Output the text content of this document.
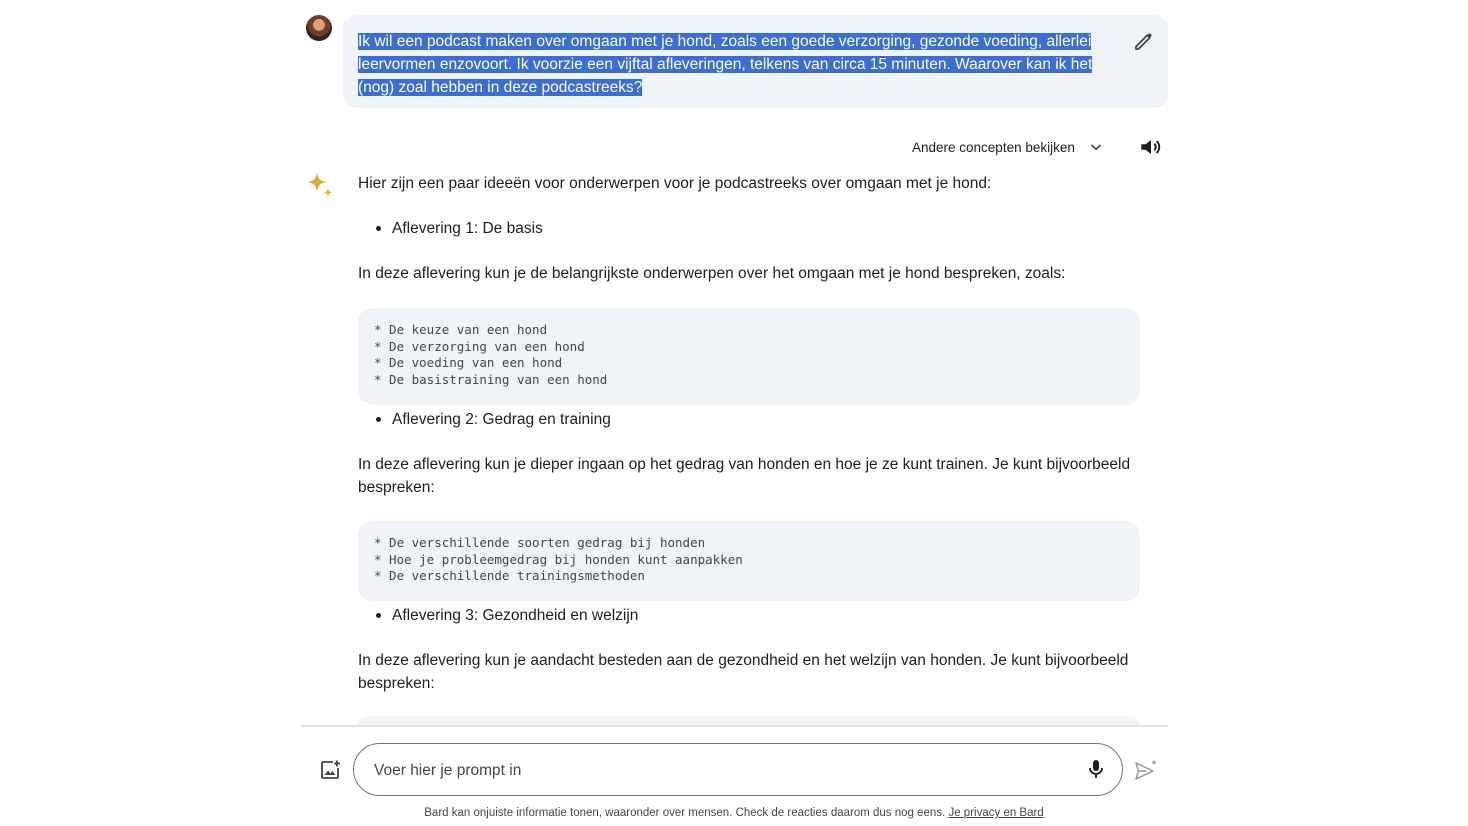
Ik wil een podcast maken over omgaan met je hond, zoals een goede verzorging, gezonde voeding, allerlei leervormen enzovoort. Ik voorzie een vijftal afleveringen, telkens van circa 15 minuten. Waarover kan ik het (nog) zoal hebben in deze podcastreeks?
Andere concepten bekijken
Hier zijn een paar ideeën voor onderwerpen voor je podcastreeks over omgaan met je hond:
Aflevering 1: De basis
In deze aflevering kun je de belangrijkste onderwerpen over het omgaan met je hond bespreken, zoals:
* De keuze van een hond
* De verzorging van een hond
* De voeding van een hond
* De basistraining van een hond
Aflevering 2: Gedrag en training
In deze aflevering kun je dieper ingaan op het gedrag van honden en hoe je ze kunt trainen. Je kunt bijvoorbeeld bespreken:
* De verschillende soorten gedrag bij honden
* Hoe je probleemgedrag bij honden kunt aanpakken
* De verschillende trainingsmethoden
Aflevering 3: Gezondheid en welzijn
In deze aflevering kun je aandacht besteden aan de gezondheid en het welzijn van honden. Je kunt bijvoorbeeld bespreken:
Voer hier je prompt in
Bard kan onjuiste informatie tonen, waaronder over mensen. Check de reacties daarom dus nog eens. Je privacy en Bard
